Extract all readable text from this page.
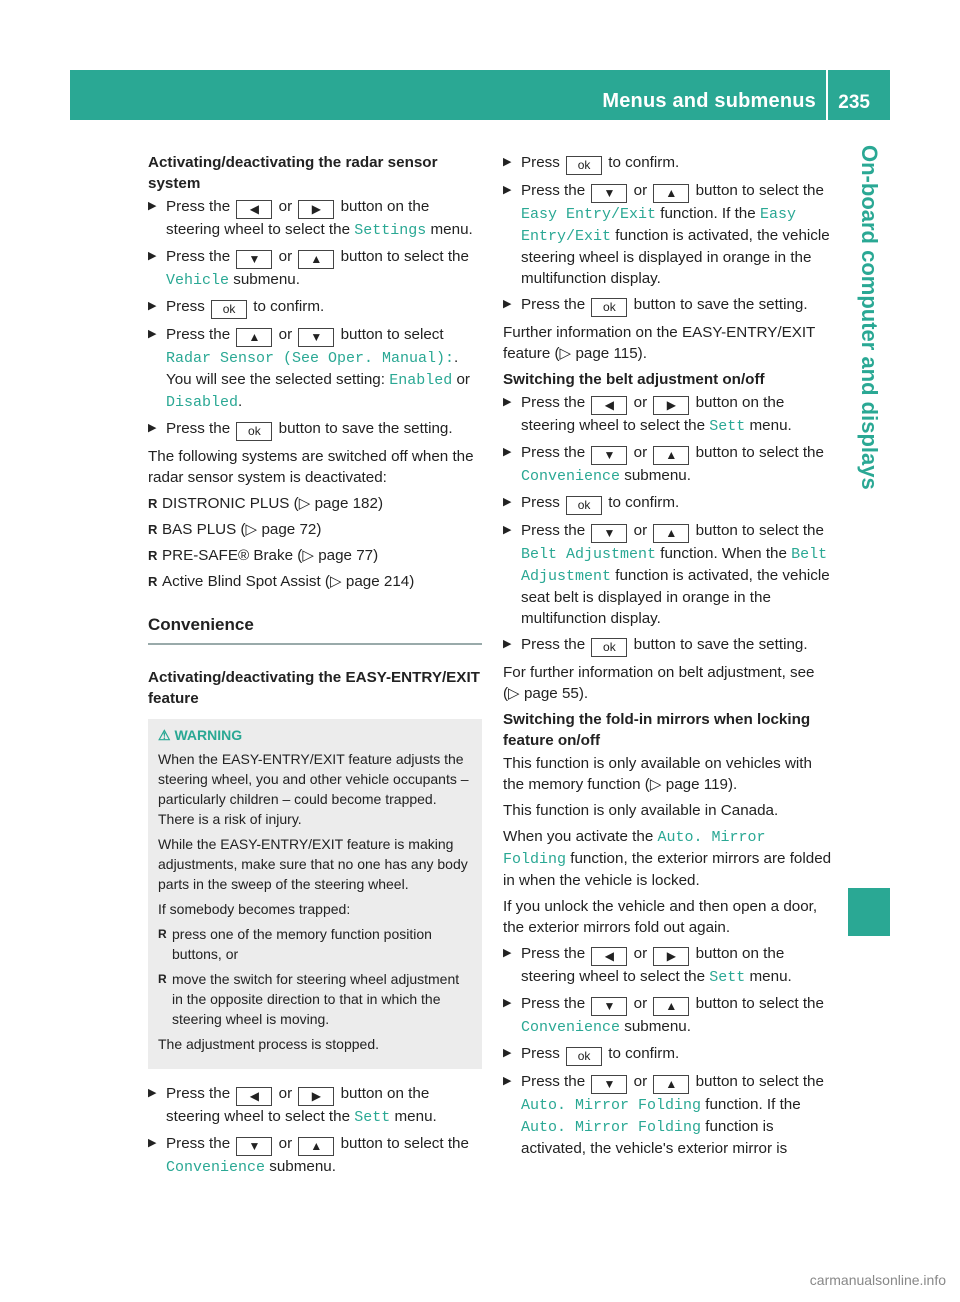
Menus and submenus 235
On-board computer and displays
Activating/deactivating the radar sensor system
▶ Press the ◀ or ▶ button on the steering wheel to select the Settings menu.
▶ Press the ▼ or ▲ button to select the Vehicle submenu.
▶ Press ok to confirm.
▶ Press the ▲ or ▼ button to select Radar Sensor (See Oper. Manual):. You will see the selected setting: Enabled or Disabled.
▶ Press the ok button to save the setting.
The following systems are switched off when the radar sensor system is deactivated:
R DISTRONIC PLUS (▷ page 182)
R BAS PLUS (▷ page 72)
R PRE-SAFE® Brake (▷ page 77)
R Active Blind Spot Assist (▷ page 214)
Convenience
Activating/deactivating the EASY-ENTRY/EXIT feature
⚠ WARNING

When the EASY-ENTRY/EXIT feature adjusts the steering wheel, you and other vehicle occupants – particularly children – could become trapped. There is a risk of injury.

While the EASY-ENTRY/EXIT feature is making adjustments, make sure that no one has any body parts in the sweep of the steering wheel.

If somebody becomes trapped:

R press one of the memory function position buttons, or
R move the switch for steering wheel adjustment in the opposite direction to that in which the steering wheel is moving.

The adjustment process is stopped.

▶ Press the ◀ or ▶ button on the steering wheel to select the Sett menu.
▶ Press the ▼ or ▲ button to select the Convenience submenu.
▶ Press ok to confirm.
▶ Press the ▼ or ▲ button to select the Easy Entry/Exit function. If the Easy Entry/Exit function is activated, the vehicle steering wheel is displayed in orange in the multifunction display.
▶ Press the ok button to save the setting.
Further information on the EASY-ENTRY/EXIT feature (▷ page 115).
Switching the belt adjustment on/off
▶ Press the ◀ or ▶ button on the steering wheel to select the Sett menu.
▶ Press the ▼ or ▲ button to select the Convenience submenu.
▶ Press ok to confirm.
▶ Press the ▼ or ▲ button to select the Belt Adjustment function. When the Belt Adjustment function is activated, the vehicle seat belt is displayed in orange in the multifunction display.
▶ Press the ok button to save the setting.
For further information on belt adjustment, see (▷ page 55).
Switching the fold-in mirrors when locking feature on/off
This function is only available on vehicles with the memory function (▷ page 119).
This function is only available in Canada.
When you activate the Auto. Mirror Folding function, the exterior mirrors are folded in when the vehicle is locked.
If you unlock the vehicle and then open a door, the exterior mirrors fold out again.
▶ Press the ◀ or ▶ button on the steering wheel to select the Sett menu.
▶ Press the ▼ or ▲ button to select the Convenience submenu.
▶ Press ok to confirm.
▶ Press the ▼ or ▲ button to select the Auto. Mirror Folding function. If the Auto. Mirror Folding function is activated, the vehicle's exterior mirror is
carmanualsonline.info
